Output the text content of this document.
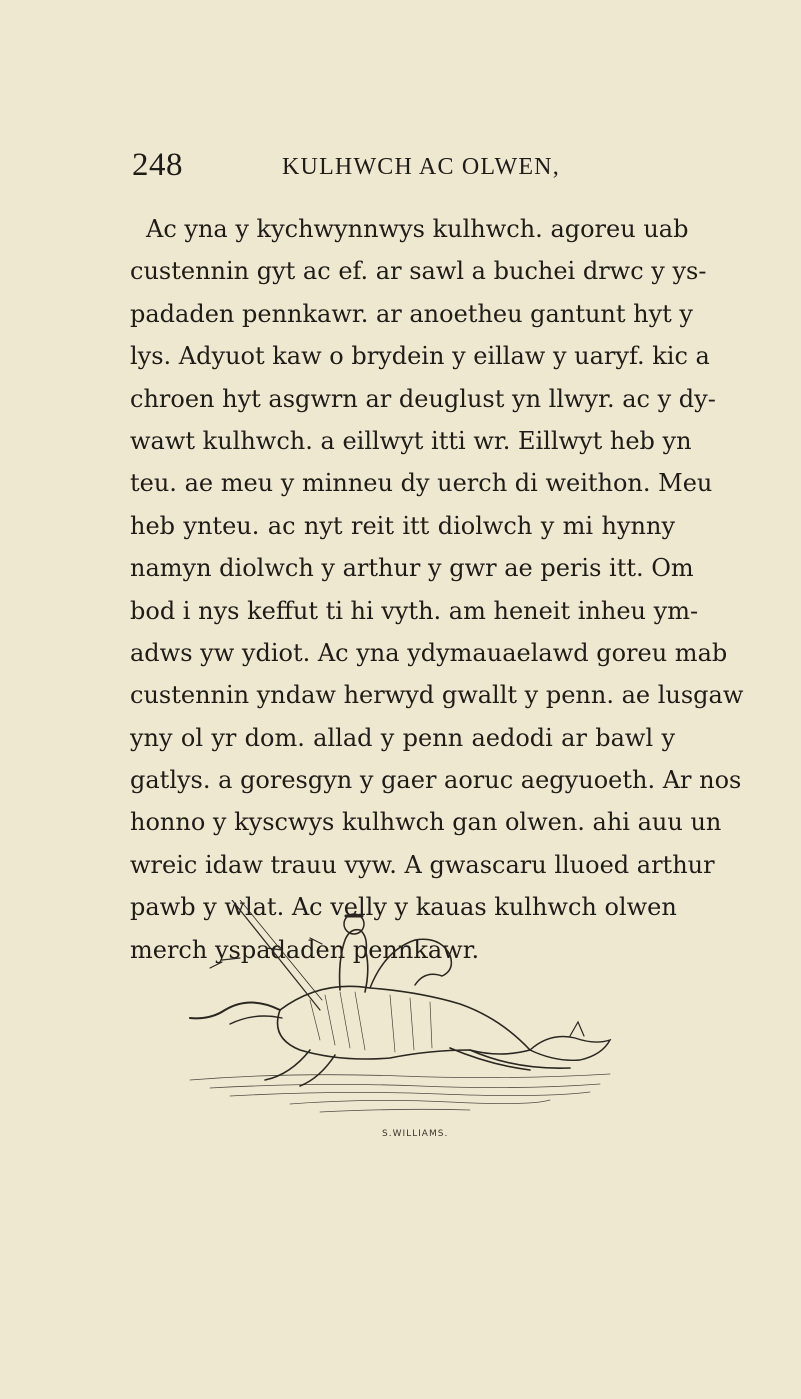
248	KULHWCH AC OLWEN,
Ac yna y kychwynnwys kulhwch. agoreu uab
custennin gyt ac ef. ar sawl a buchei drwc y ys-
padaden pennkawr. ar anoetheu gantunt hyt y
lys. Adyuot kaw o brydein y eillaw y uaryf. kic a
chroen hyt asgwrn ar deuglust yn llwyr. ac y dy-
wawt kulhwch. a eillwyt itti wr. Eillwyt heb yn
teu. ae meu y minneu dy uerch di weithon. Meu
heb ynteu. ac nyt reit itt diolwch y mi hynny
namyn diolwch y arthur y gwr ae peris itt. Om
bod i nys keffut ti hi vyth. am heneit inheu ym-
adws yw ydiot. Ac yna ydymauaelawd goreu mab
custennin yndaw herwyd gwallt y penn. ae lusgaw
yny ol yr dom. allad y penn aedodi ar bawl y
gatlys. a goresgyn y gaer aoruc aegyuoeth. Ar nos
honno y kyscwys kulhwch gan olwen. ahi auu un
wreic idaw trauu vyw. A gwascaru lluoed arthur
pawb y wlat. Ac velly y kauas kulhwch olwen
merch yspadaden pennkawr.
S.WILLIAMS.
